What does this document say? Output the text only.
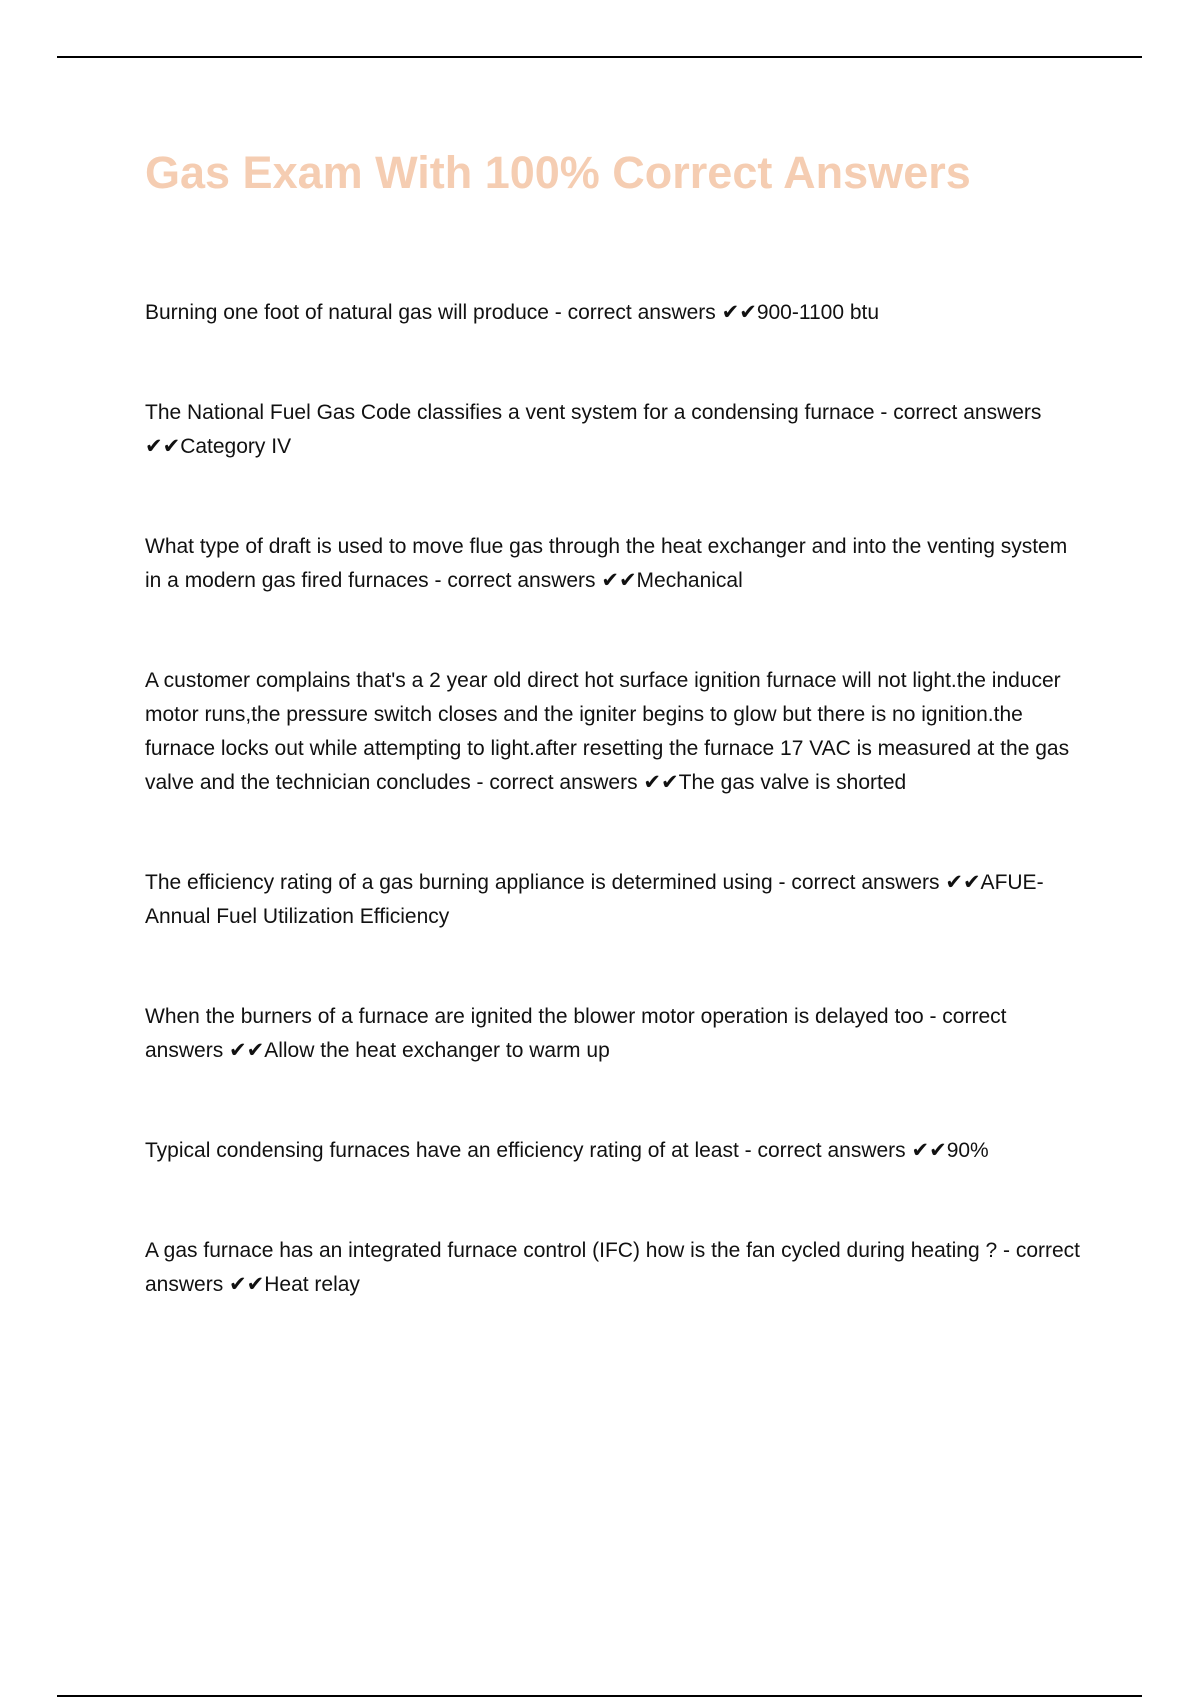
Gas Exam With 100% Correct Answers

Burning one foot of natural gas will produce - correct answers ✔✔900-1100 btu

The National Fuel Gas Code classifies a vent system for a condensing furnace - correct answers ✔✔Category IV

What type of draft is used to move flue gas through the heat exchanger and into the venting system in a modern gas fired furnaces - correct answers ✔✔Mechanical

A customer complains that's a 2 year old direct hot surface ignition furnace will not light.the inducer motor runs,the pressure switch closes and the igniter begins to glow but there is no ignition.the furnace locks out while attempting to light.after resetting the furnace 17 VAC is measured at the gas valve and the technician concludes - correct answers ✔✔The gas valve is shorted

The efficiency rating of a gas burning appliance is determined using - correct answers ✔✔AFUE-Annual Fuel Utilization Efficiency

When the burners of a furnace are ignited the blower motor operation is delayed too - correct answers ✔✔Allow the heat exchanger to warm up

Typical condensing furnaces have an efficiency rating of at least - correct answers ✔✔90%

A gas furnace has an integrated furnace control (IFC) how is the fan cycled during heating ? - correct answers ✔✔Heat relay
